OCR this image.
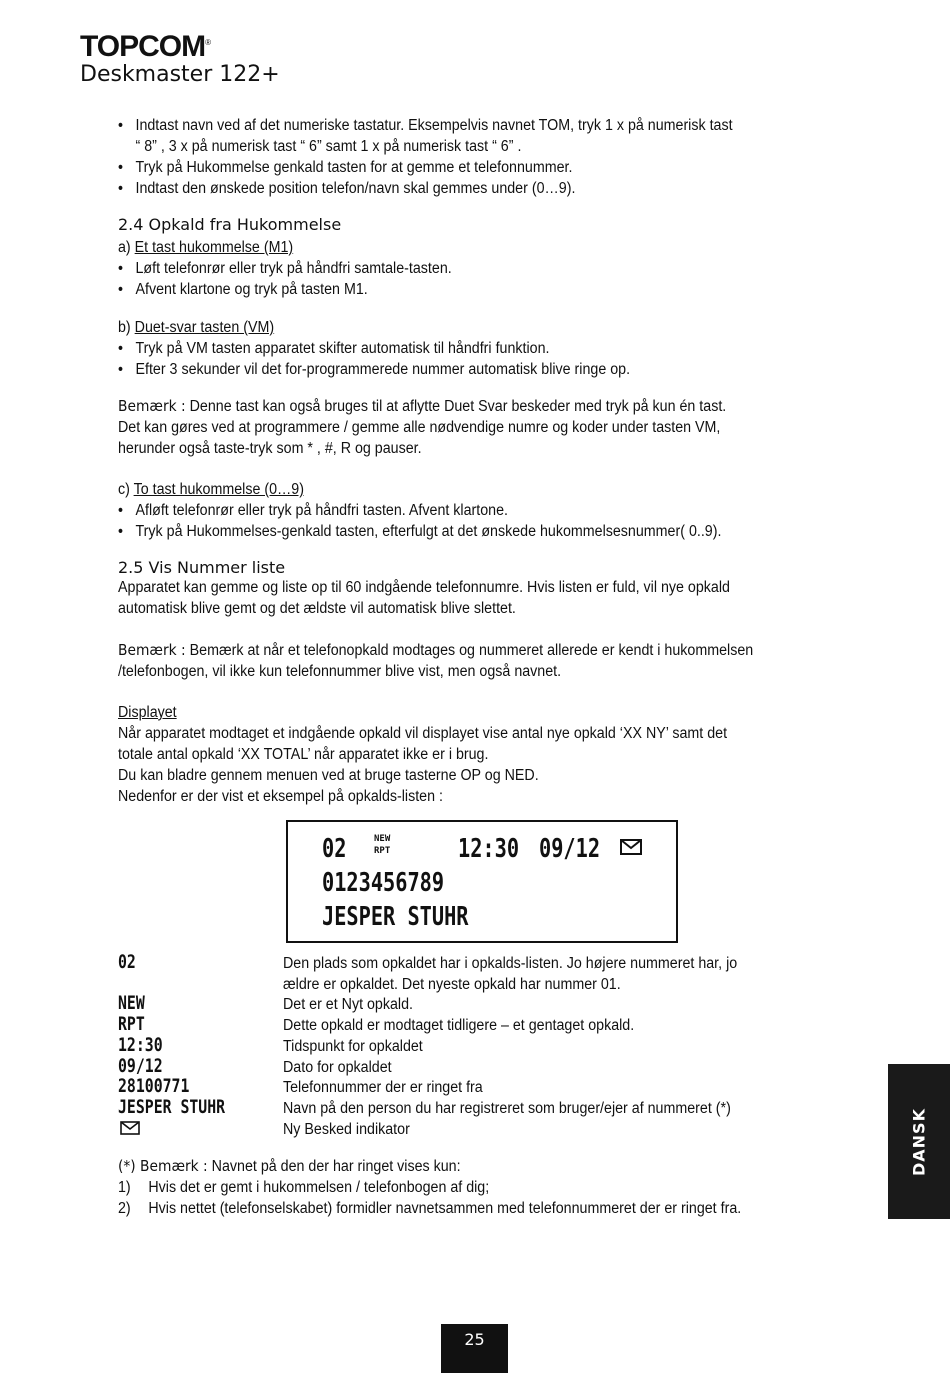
TOPCOM®
Deskmaster 122+
• Indtast navn ved af det numeriske tastatur. Eksempelvis navnet TOM, tryk 1 x på numerisk tast
“ 8” , 3 x på numerisk tast “ 6” samt 1 x på numerisk tast “ 6” .
• Tryk på Hukommelse genkald tasten for at gemme et telefonnummer.
• Indtast den ønskede position telefon/navn skal gemmes under (0…9).
2.4 Opkald fra Hukommelse
a) Et tast hukommelse (M1)
• Løft telefonrør eller tryk på håndfri samtale-tasten.
• Afvent klartone og tryk på tasten M1.
b) Duet-svar tasten (VM)
• Tryk på VM tasten apparatet skifter automatisk til håndfri funktion.
• Efter 3 sekunder vil det for-programmerede nummer automatisk blive ringe op.
Bemærk : Denne tast kan også bruges til at aflytte Duet Svar beskeder med tryk på kun én tast.
Det kan gøres ved at programmere / gemme alle nødvendige numre og koder under tasten VM,
herunder også taste-tryk som * , #, R og pauser.
c) To tast hukommelse (0…9)
• Afløft telefonrør eller tryk på håndfri tasten. Afvent klartone.
• Tryk på Hukommelses-genkald tasten, efterfulgt at det ønskede hukommelsesnummer( 0..9).
2.5 Vis Nummer liste
Apparatet kan gemme og liste op til 60 indgående telefonnumre. Hvis listen er fuld, vil nye opkald
automatisk blive gemt og det ældste vil automatisk blive slettet.
Bemærk : Bemærk at når et telefonopkald modtages og nummeret allerede er kendt i hukommelsen
/telefonbogen, vil ikke kun telefonnummer blive vist, men også navnet.
Displayet
Når apparatet modtaget et indgående opkald vil displayet vise antal nye opkald ‘XX NY’ samt det
totale antal opkald ‘XX TOTAL’ når apparatet ikke er i brug.
Du kan bladre gennem menuen ved at bruge tasterne OP og NED.
Nedenfor er der vist et eksempel på opkalds-listen :
02	NEW
RPT	12:30 09/12
0123456789
JESPER STUHR
02	Den plads som opkaldet har i opkalds-listen. Jo højere nummeret har, jo
ældre er opkaldet. Det nyeste opkald har nummer 01.
NEW	Det er et Nyt opkald.
RPT	Dette opkald er modtaget tidligere – et gentaget opkald.
12:30	Tidspunkt for opkaldet
09/12	Dato for opkaldet
28100771	Telefonnummer der er ringet fra
JESPER STUHR	Navn på den person du har registreret som bruger/ejer af nummeret (*)
Ny Besked indikator
(*) Bemærk : Navnet på den der har ringet vises kun:
1) Hvis det er gemt i hukommelsen / telefonbogen af dig;
2) Hvis nettet (telefonselskabet) formidler navnetsammen med telefonnummeret der er ringet fra.
DANSK
25
